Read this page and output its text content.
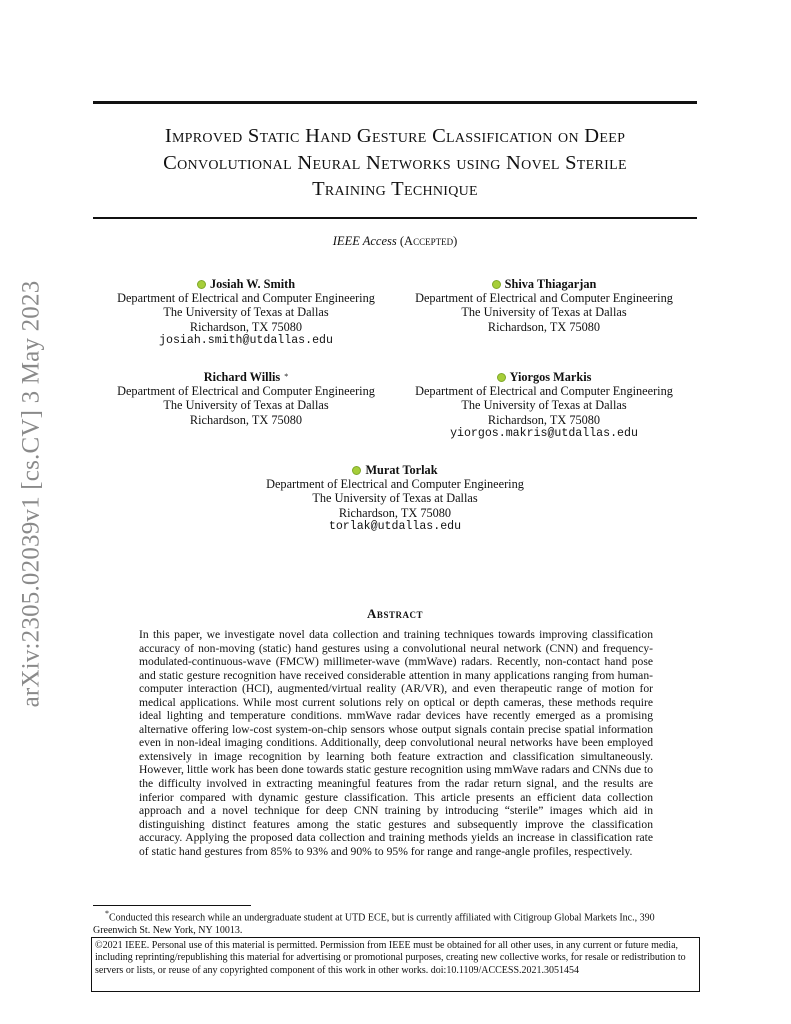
arXiv:2305.02039v1 [cs.CV] 3 May 2023
Improved Static Hand Gesture Classification on Deep
Convolutional Neural Networks using Novel Sterile
Training Technique
IEEE Access (Accepted)
Josiah W. Smith
Department of Electrical and Computer Engineering
The University of Texas at Dallas
Richardson, TX 75080
josiah.smith@utdallas.edu
Shiva Thiagarjan
Department of Electrical and Computer Engineering
The University of Texas at Dallas
Richardson, TX 75080
Richard Willis *
Department of Electrical and Computer Engineering
The University of Texas at Dallas
Richardson, TX 75080
Yiorgos Markis
Department of Electrical and Computer Engineering
The University of Texas at Dallas
Richardson, TX 75080
yiorgos.makris@utdallas.edu
Murat Torlak
Department of Electrical and Computer Engineering
The University of Texas at Dallas
Richardson, TX 75080
torlak@utdallas.edu
Abstract

In this paper, we investigate novel data collection and training techniques towards improving classification accuracy of non-moving (static) hand gestures using a convolutional neural network (CNN) and frequency-modulated-continuous-wave (FMCW) millimeter-wave (mmWave) radars. Recently, non-contact hand pose and static gesture recognition have received considerable attention in many applications ranging from human-computer interaction (HCI), augmented/virtual reality (AR/VR), and even therapeutic range of motion for medical applications. While most current solutions rely on optical or depth cameras, these methods require ideal lighting and temperature conditions. mmWave radar devices have recently emerged as a promising alternative offering low-cost system-on-chip sensors whose output signals contain precise spatial information even in non-ideal imaging conditions. Additionally, deep convolutional neural networks have been employed extensively in image recognition by learning both feature extraction and classification simultaneously. However, little work has been done towards static gesture recognition using mmWave radars and CNNs due to the difficulty involved in extracting meaningful features from the radar return signal, and the results are inferior compared with dynamic gesture classification. This article presents an efficient data collection approach and a novel technique for deep CNN training by introducing “sterile” images which aid in distinguishing distinct features among the static gestures and subsequently improve the classification accuracy. Applying the proposed data collection and training methods yields an increase in classification rate of static hand gestures from 85% to 93% and 90% to 95% for range and range-angle profiles, respectively.

*Conducted this research while an undergraduate student at UTD ECE, but is currently affiliated with Citigroup Global Markets Inc., 390 Greenwich St. New York, NY 10013.

©2021 IEEE. Personal use of this material is permitted. Permission from IEEE must be obtained for all other uses, in any current or future media, including reprinting/republishing this material for advertising or promotional purposes, creating new collective works, for resale or redistribution to servers or lists, or reuse of any copyrighted component of this work in other works. doi:10.1109/ACCESS.2021.3051454
